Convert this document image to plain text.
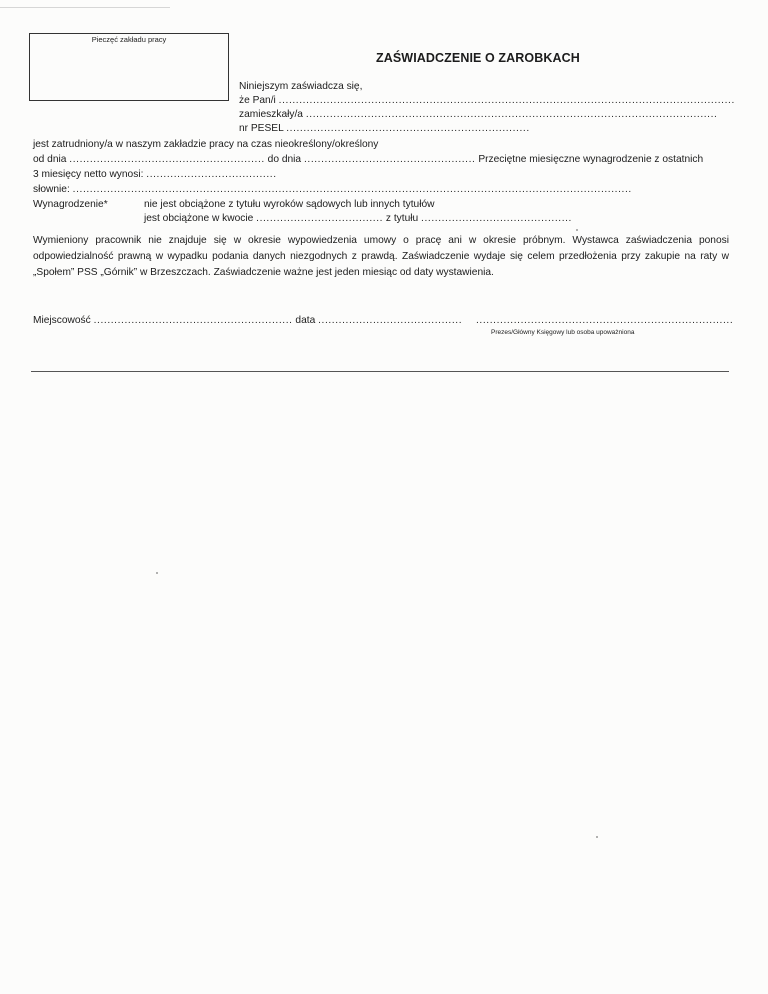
Pieczęć zakładu pracy
ZAŚWIADCZENIE O ZAROBKACH
Niniejszym zaświadcza się,
że Pan/i .....................................................................................................................................
zamieszkały/a ........................................................................................................................
nr PESEL .......................................................................
jest zatrudniony/a w naszym zakładzie pracy na czas nieokreślony/określony
od dnia ......................................................... do dnia .................................................. Przeciętne miesięczne wynagrodzenie z ostatnich
3 miesięcy netto wynosi: ......................................
słownie: ...................................................................................................................................................................
Wynagrodzenie*	nie jest obciążone z tytułu wyroków sądowych lub innych tytułów
jest obciążone w kwocie ..................................... z tytułu ............................................
Wymieniony pracownik nie znajduje się w okresie wypowiedzenia umowy o pracę ani w okresie próbnym. Wystawca zaświadczenia ponosi odpowiedzialność prawną w wypadku podania danych niezgodnych z prawdą. Zaświadczenie wydaje się celem przedłożenia przy zakupie na raty w „Społem” PSS „Górnik” w Brzeszczach. Zaświadczenie ważne jest jeden miesiąc od daty wystawienia.
Miejscowość .......................................................... data .......................................... ...........................................................................
Prezes/Główny Księgowy lub osoba upoważniona
